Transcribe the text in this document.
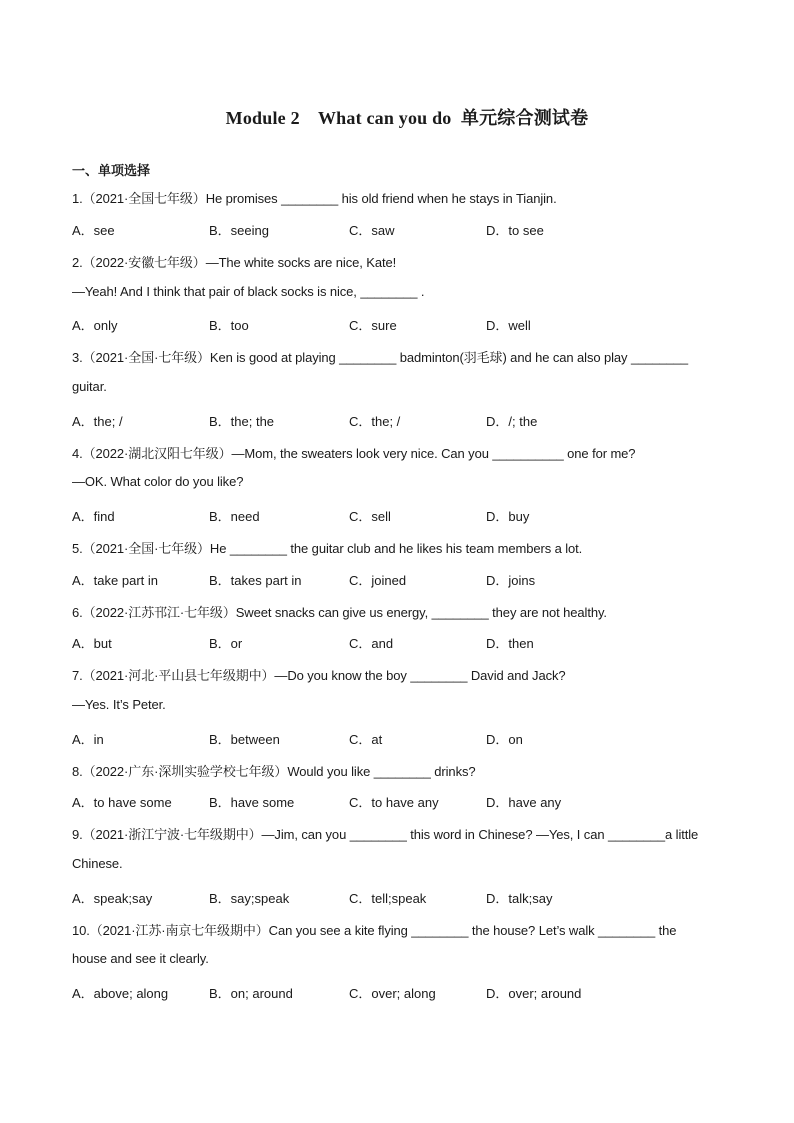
Module 2　What can you do  单元综合测试卷
一、单项选择
1.（2021·全国七年级）He promises ________ his old friend when he stays in Tianjin.
A．see	B．seeing	C．saw	D．to see
2.（2022·安徽七年级）—The white socks are nice, Kate!
—Yeah! And I think that pair of black socks is nice, ________ .
A．only	B．too	C．sure	D．well
3.（2021·全国·七年级）Ken is good at playing ________ badminton(羽毛球) and he can also play ________
guitar.
A．the; /	B．the; the	C．the; /	D．/; the
4.（2022·湖北汉阳七年级）—Mom, the sweaters look very nice. Can you __________ one for me?
—OK. What color do you like?
A．find	B．need	C．sell	D．buy
5.（2021·全国·七年级）He ________ the guitar club and he likes his team members a lot.
A．take part in	B．takes part in	C．joined	D．joins
6.（2022·江苏邗江·七年级）Sweet snacks can give us energy, ________ they are not healthy.
A．but	B．or	C．and	D．then
7.（2021·河北·平山县七年级期中）—Do you know the boy ________ David and Jack?
—Yes. It’s Peter.
A．in	B．between	C．at	D．on
8.（2022·广东·深圳实验学校七年级）Would you like ________ drinks?
A．to have some	B．have some	C．to have any	D．have any
9.（2021·浙江宁波·七年级期中）—Jim, can you ________ this word in Chinese? —Yes, I can ________a little
Chinese.
A．speak;say	B．say;speak	C．tell;speak	D．talk;say
10.（2021·江苏·南京七年级期中）Can you see a kite flying ________ the house? Let’s walk ________ the
house and see it clearly.
A．above; along	B．on; around	C．over; along	D．over; around
